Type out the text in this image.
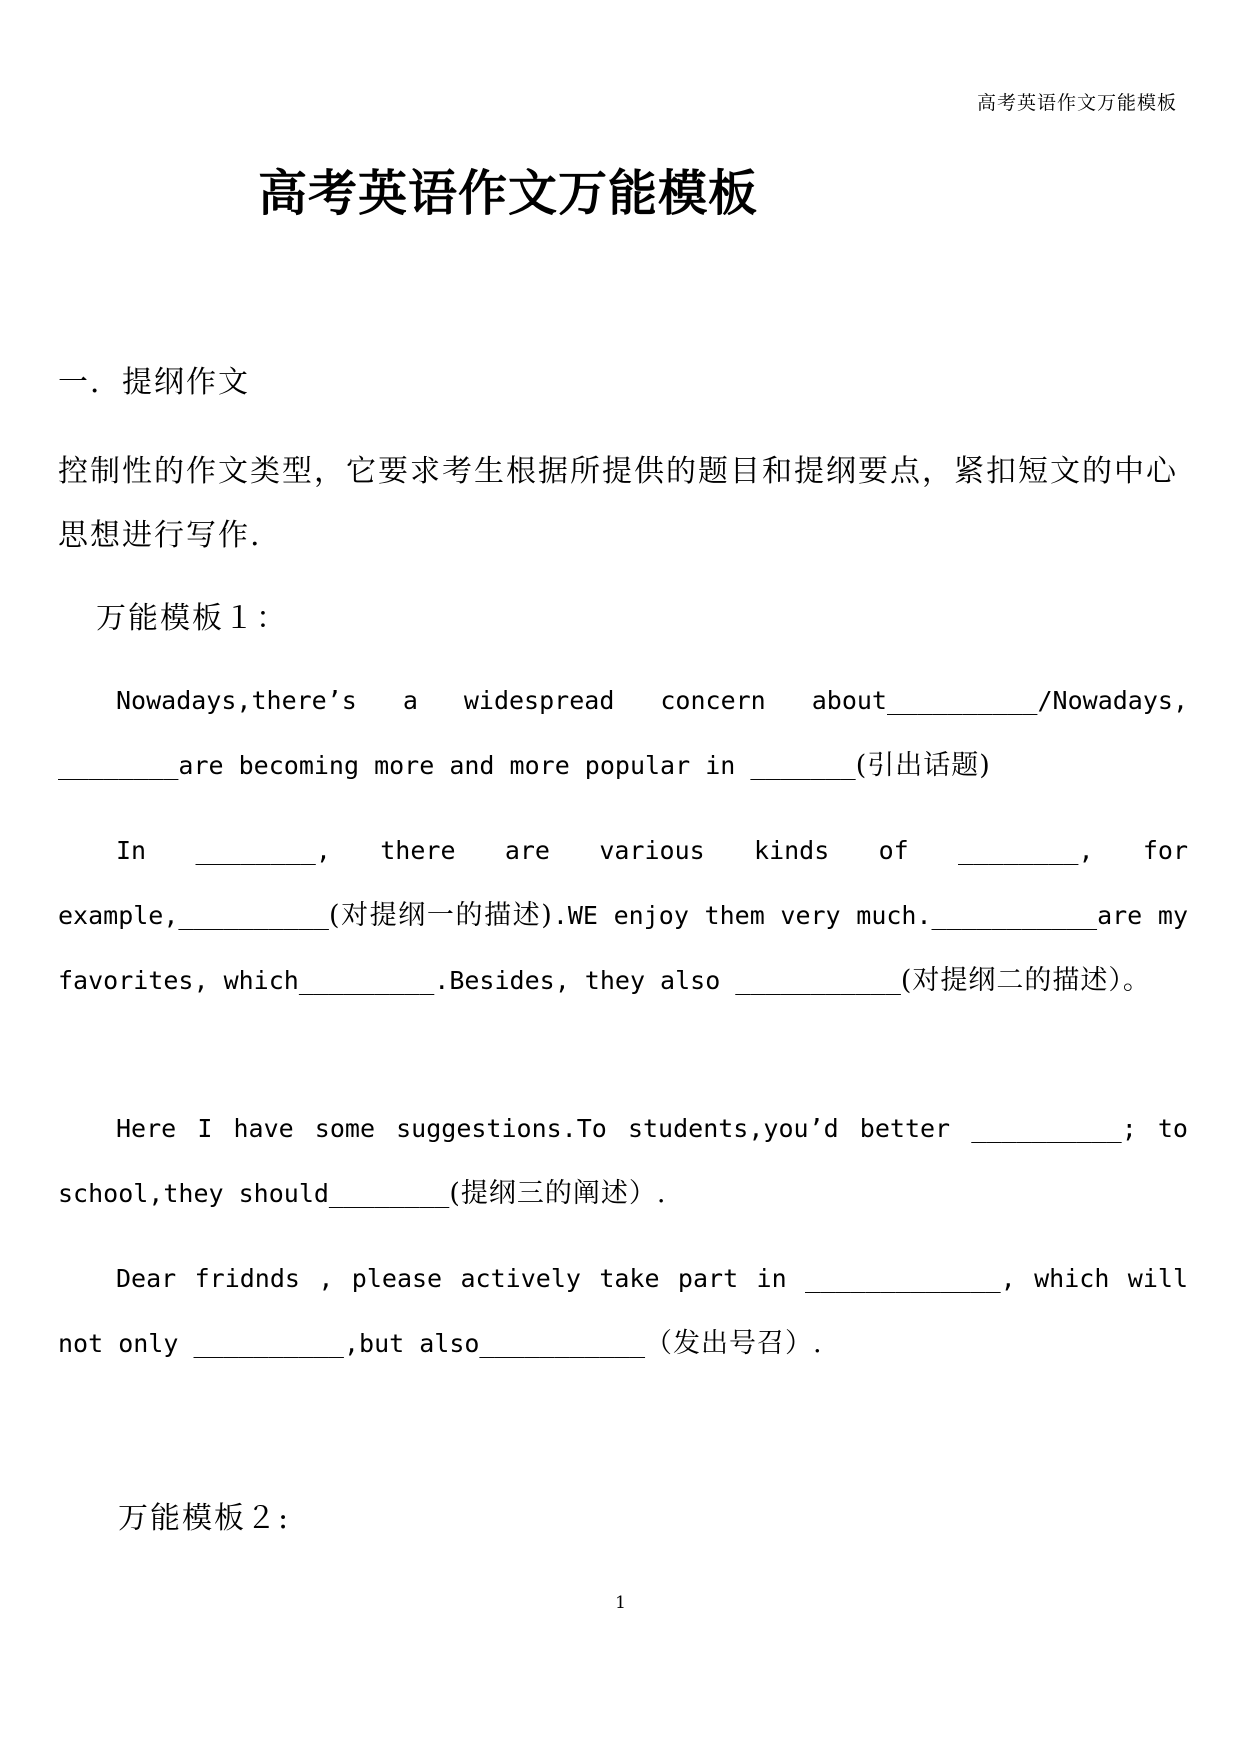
高考英语作文万能模板
高考英语作文万能模板
一．提纲作文
控制性的作文类型，它要求考生根据所提供的题目和提纲要点，紧扣短文的中心思想进行写作.
万能模板１：
Nowadays,there’s a widespread concern about__________/Nowadays, ________are becoming more and more popular in _______(引出话题)
In ________, there are various kinds of ________, for example,__________(对提纲一的描述).WE enjoy them very much.___________are my favorites, which_________.Besides, they also ___________(对提纲二的描述）。
Here I have some suggestions.To students,you’d better __________; to school,they should________(提纲三的阐述）.
Dear fridnds , please actively take part in _____________, which will not only __________,but also___________（发出号召）.
万能模板２:
1
